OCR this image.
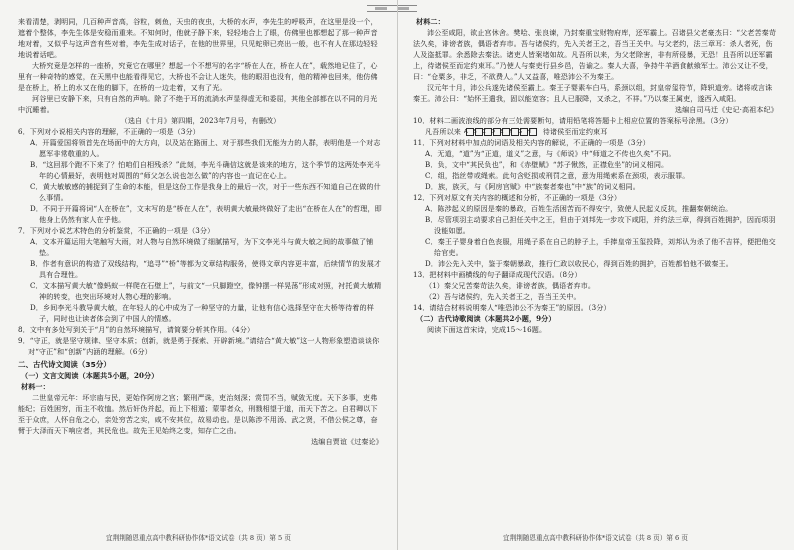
来看清楚，剥明同，几百种声音高，谷粒，刺鱼，天虫的夜虫，大桥的水声，李先生的呼吸声，在这里是没一个，遮着个整体，李先生体是安稳而重来。不知何时，他就子静下来，轻轻地合上了眼，仿佛里也都想起了那一种声音地对着，又似乎与这声音有些对着，李先生成对话子，在他的世界里，只见蛇卵已亮出一般，也不有人在那边轻轻地说着话吧。

大桥究竟是怎样的一座桥，究竟它在哪里？想起一个不想写的名字“桥在人在，桥在人在”，载然地记住了，心里有一种奇特的感觉，在天黑中也能看得见它，大桥也不会让人迷失，他的眼泪也没有，他的精神也回来，他仿佛是在桥上，桥上的水又在他的脚下，在桥的一边走着，又有了光。

河谷里已安静下来，只有自然的声响。除了不绝于耳的流淌水声显得虚无和委屈，其他全部都在以不同的月光中沉睡着。

（选自《十月》第四期，2023年7月号，有删改）

6．下列对小说相关内容的理解，不正确的一项是（3分）

A．开篇爱国将领首先在场面中的大方向，以及站在路面上、对于那些我们无能为力的人群，表明他是一个对志愿军非常敬重的人。

B．“这回那个跑不下来了？怕咱们自相残杀？”此刻，李光斗确信这就是该来的地方，这个季节的这两处李光斗年的心情最好，表明他对周围的“师父怎么说也怎么做”的内容也一直记在心上。

C．黄大敏敏感的捕捉到了生命的本能，但是这份工作是我身上的最后一次，对于一些东西不知道自己在做的什么事情。

D．不同于开篇将词“人在桥在”，文末写的是“桥在人在”，表明黄大敏最终做好了走出“在桥在人在”的哲理，即他身上仍然有家人在乎他。

7．下列对小说艺术特色的分析鉴赏，不正确的一项是（3分）

A．文本开篇运用大笔触写大雨，对人物与自然环境做了细腻描写，为下文李光斗与黄大敏之间的故事做了铺垫。

B．作者有意识的构造了双线结构，“追寻”“桥”等都为文章结构服务，使得文章内容更丰富，后续情节的发展才具有合理性。

C．文本描写黄大敏“像蚂蚁一样爬在石壁上”，与前文“一只脚蹬空，像钟摆一样晃荡”形成对照，衬托黄大敏精神的转变，也突出环境对人物心理的影响。

D．乡间李光斗教导黄大敏，在年轻人的心中成为了一种坚守的力量，让他有信心选择坚守在大桥等待着的样子，同时也让读者体会到了中国人的情感。

8．文中有多处写到关于“月”的自然环境描写，请简要分析其作用。（4分）

9．“守正，就是坚守规律、坚守本质；创新，就是勇于探索、开辟新境。”请结合“黄大敏”这一人物形象塑造谈谈你对“守正”和“创新”内涵的理解。（6分）

二、古代诗文阅读（35分）

（一）文言文阅读（本题共5小题，20分）

材料一：

二世皇帝元年：坏宗庙与民，更始作阿房之宫；繁刑严诛，吏治刻深；赏罚不当，赋敛无度。天下多事，吏弗能纪；百姓困穷，而主不收恤。然后奸伪并起，而上下相遁；蒙罪者众，刑戮相望于道，而天下苦之。自君卿以下至于众庶，人怀自危之心，亲处穷苦之实，咸不安其位，故易动也。是以陈涉不用汤、武之贤，不借公侯之尊，奋臂于大泽而天下响应者，其民危也。故先王见始终之变，知存亡之由。

选编自贾谊《过秦论》

宜荆荆随恩重点高中教科研协作体*语文试卷（共 8 页）第 5 页

材料二：

沛公至咸阳，欲止宫休舍。樊哙、张良谏，乃封秦重宝财物府库，还军霸上。召诸县父老豪杰曰：“父老苦秦苛法久矣，诽谤者族，偶语者弃市。吾与诸侯约，先入关者王之，吾当王关中。与父老约，法三章耳：杀人者死，伤人及盗抵罪。余悉除去秦法。诸吏人皆案堵如故。凡吾所以来，为父老除害，非有所侵暴，无恐！且吾所以还军霸上，待诸侯至而定约束耳。”乃使人与秦吏行县乡邑，告谕之。秦人大喜，争持牛羊酒食献飨军士。沛公又让不受，曰：“仓粟多，非乏，不欲费人。”人又益喜，唯恐沛公不为秦王。

汉元年十月，沛公兵遂先诸侯至霸上。秦王子婴素车白马，系颈以组，封皇帝玺符节，降轵道旁。诸将或言诛秦王。沛公曰：“始怀王遣我，固以能宽容；且人已服降，又杀之，不祥。”乃以秦王属吏，遂西入咸阳。

选编自司马迁《史记·高祖本纪》

10．材料二画波浪线的部分有三处需要断句，请用铅笔将答题卡上相应位置的答案标号涂黑。（3分）

凡吾所以来 A B C D E F G H	待诸侯至而定约束耳

11．下列对材料中加点的词语及相关内容的解说，不正确的一项是（3分）

A．无道，“道”为“正道，道义”之意，与《师说》中“师道之不传也久矣”不同。

B．负，文中“其民负也”，和《赤壁赋》“苏子愀然，正襟危坐”的词义相同。

C．组，指丝带或绳索。此句含贬损或刑罚之意，意为用绳索系在颈项，表示服罪。

D．族，族灭，与《阿房宫赋》中“族秦者秦也”中“族”的词义相同。

12．下列对原文有关内容的概述和分析，不正确的一项是（3分）

A．陈涉起义的原因是秦的暴政，百姓生活困苦而不得安宁，致使人民起义反抗，推翻秦朝统治。

B．尽管项羽主动要求自己担任关中之王，但由于刘邦先一步攻下咸阳，并约法三章，得到百姓拥护，因而项羽没能如愿。

C．秦王子婴身着白色丧服，用绳子系在自己的脖子上，手捧皇帝玉玺投降，刘邦认为杀了他不吉祥，便把他交给官吏。

D．沛公先入关中，鉴于秦朝暴政，推行仁政以收民心，得到百姓的拥护，百姓都怕他不做秦王。

13．把材料中画横线的句子翻译成现代汉语。（8分）

（1）秦父兄苦秦苛法久矣，诽谤者族，偶语者弃市。

（2）吾与诸侯约，先入关者王之，吾当王关中。

14．请结合材料说明秦人“唯恐沛公不为秦王”的原因。（3分）

（二）古代诗歌阅读（本题共2小题，9分）

阅读下面这首宋诗，完成15～16题。

宜荆荆随恩重点高中教科研协作体*语文试卷（共 8 页）第 6 页
